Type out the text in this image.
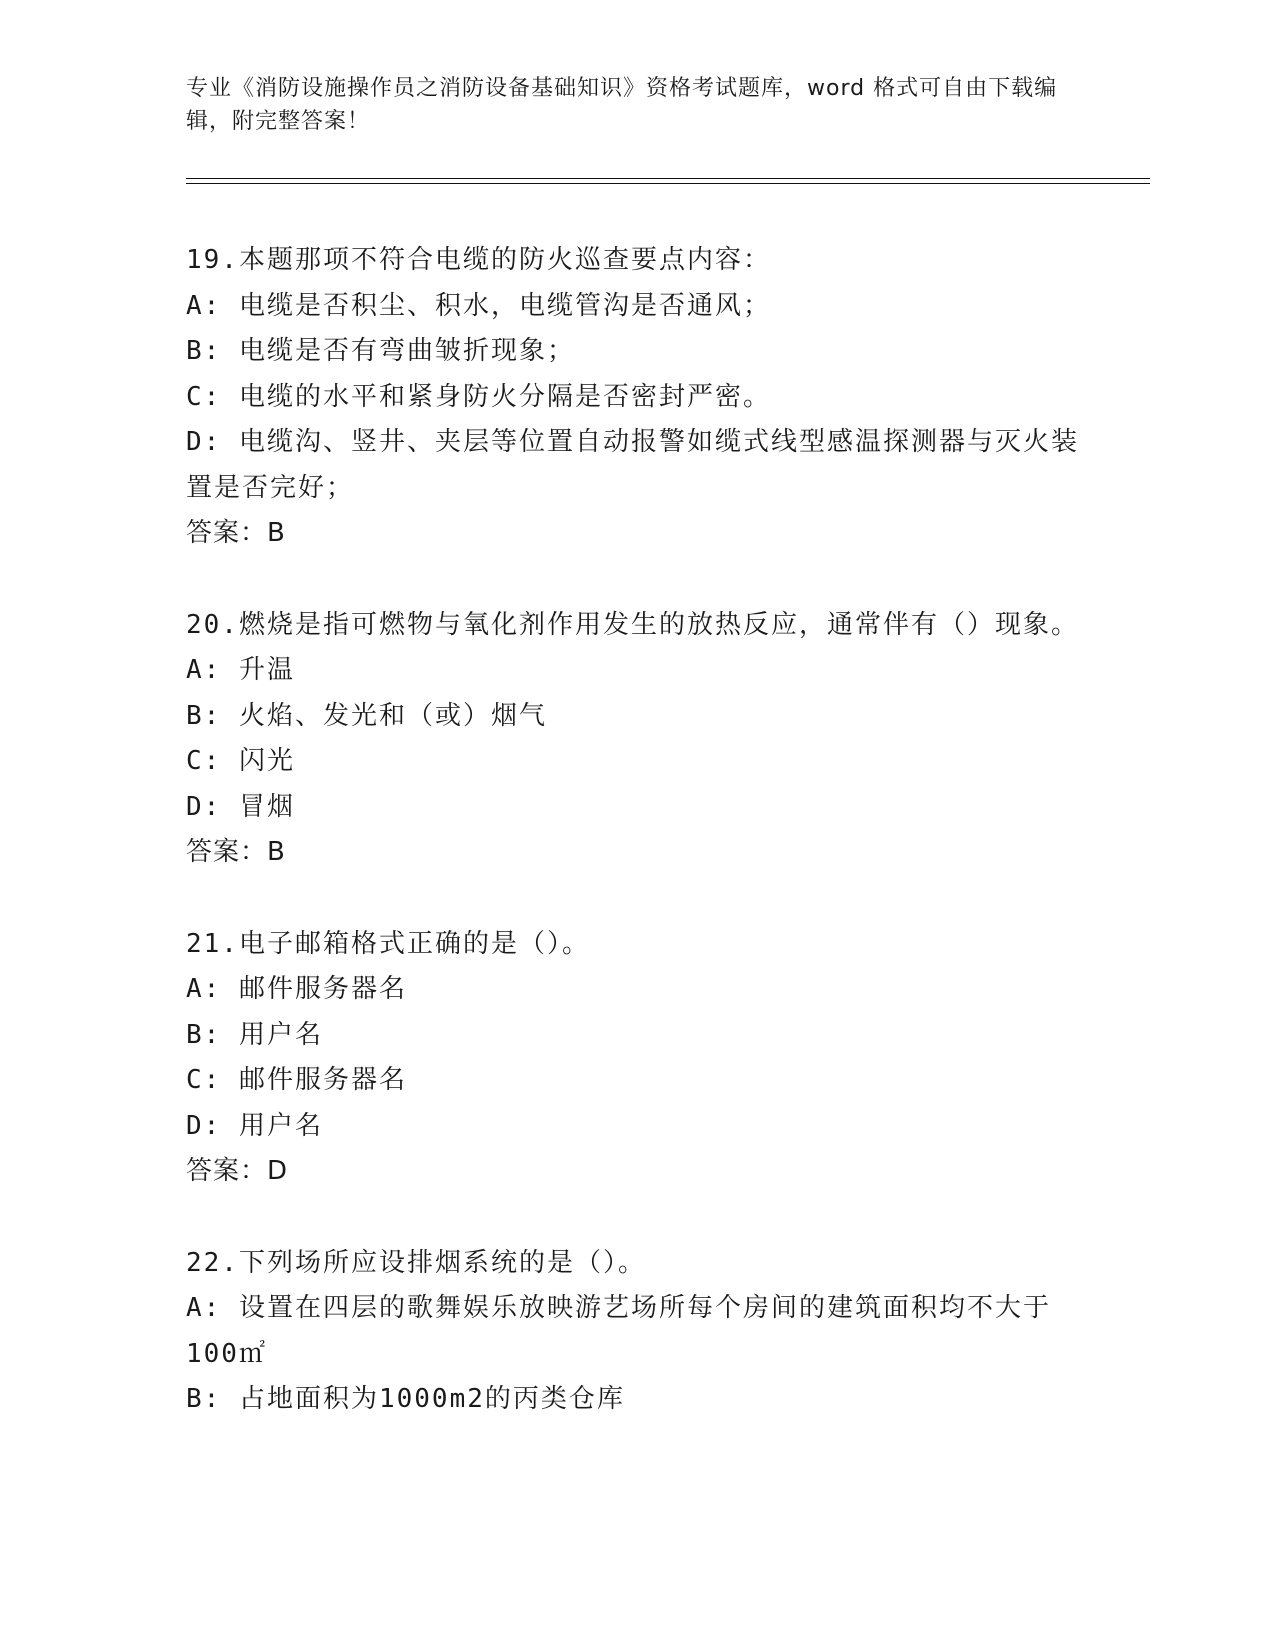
专业《消防设施操作员之消防设备基础知识》资格考试题库，word 格式可自由下载编辑，附完整答案！
19.本题那项不符合电缆的防火巡查要点内容：
A: 电缆是否积尘、积水，电缆管沟是否通风；
B: 电缆是否有弯曲皱折现象；
C: 电缆的水平和紧身防火分隔是否密封严密。
D: 电缆沟、竖井、夹层等位置自动报警如缆式线型感温探测器与灭火装置是否完好；
答案：B
20.燃烧是指可燃物与氧化剂作用发生的放热反应，通常伴有（）现象。
A: 升温
B: 火焰、发光和（或）烟气
C: 闪光
D: 冒烟
答案：B
21.电子邮箱格式正确的是（）。
A: 邮件服务器名
B: 用户名
C: 邮件服务器名
D: 用户名
答案：D
22.下列场所应设排烟系统的是（）。
A: 设置在四层的歌舞娱乐放映游艺场所每个房间的建筑面积均不大于100㎡
B: 占地面积为1000m2的丙类仓库
